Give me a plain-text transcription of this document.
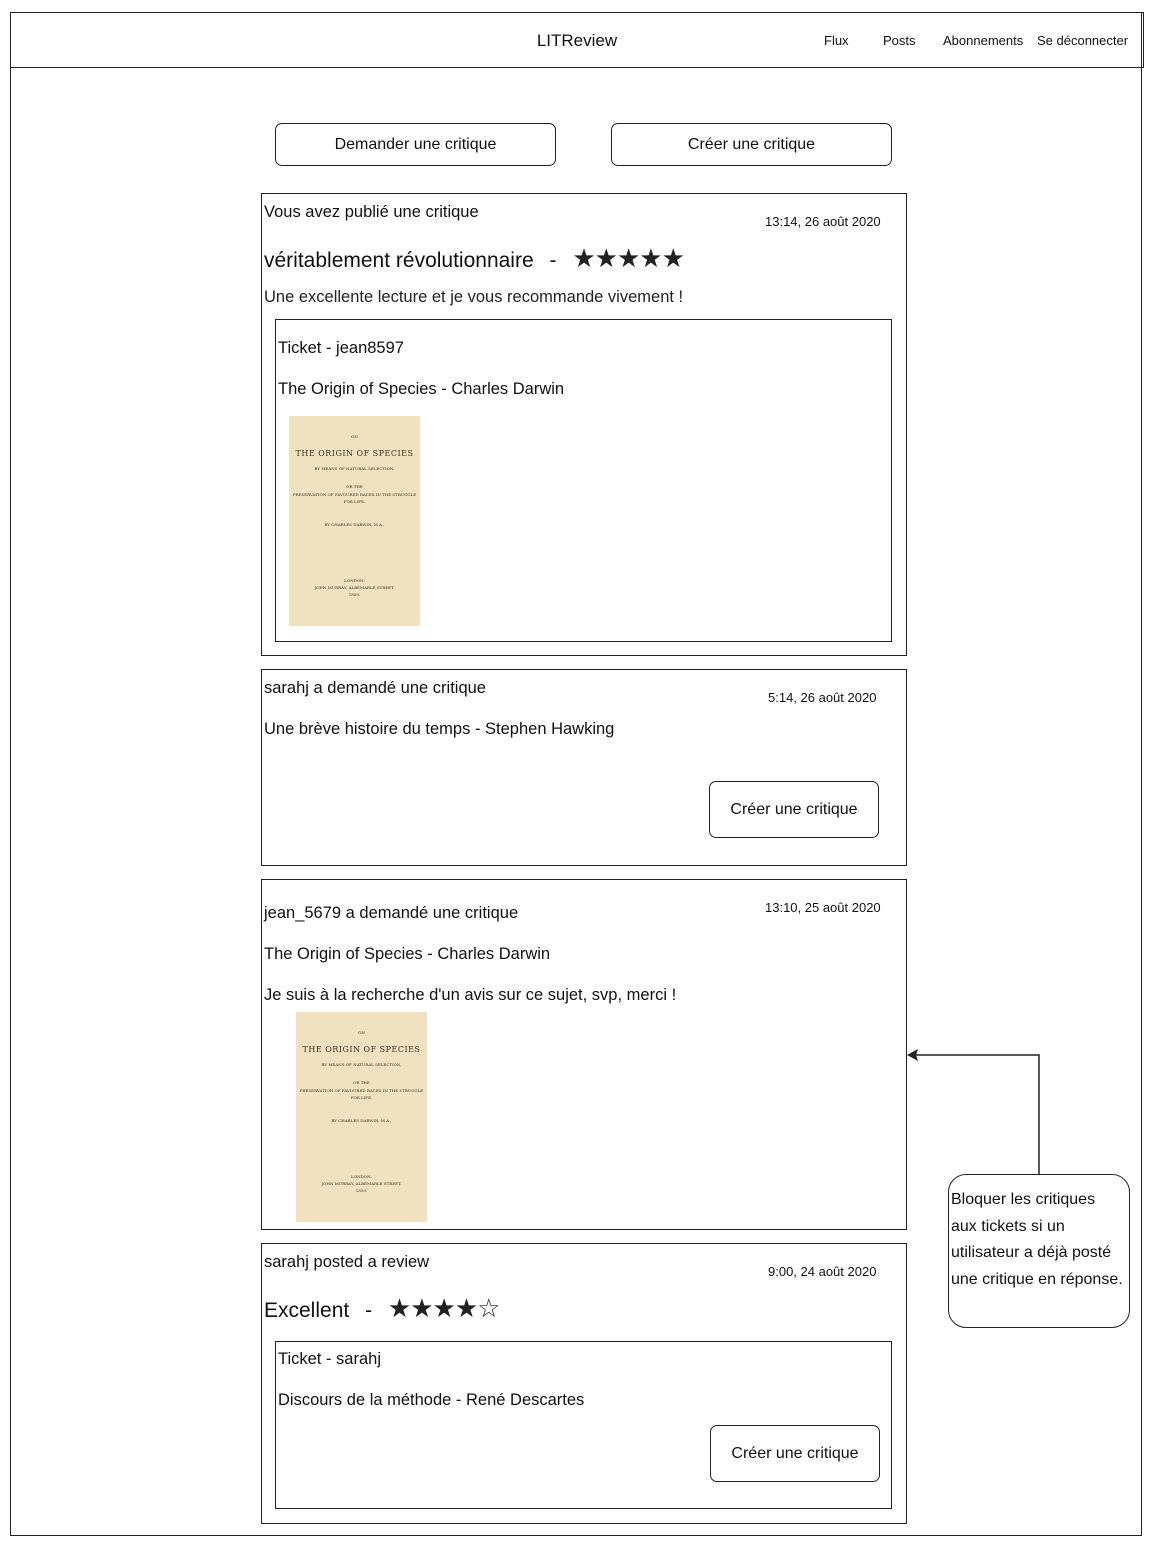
LITReview	Flux	Posts Abonnements Se déconnecter
Demander une critique	Créer une critique
Vous avez publié une critique
13:14, 26 août 2020
véritablement révolutionnaire - ★★★★★
Une excellente lecture et je vous recommande vivement !
Ticket - jean8597
The Origin of Species - Charles Darwin
ON
THE ORIGIN OF SPECIES
BY MEANS OF NATURAL SELECTION,
OR THE
PRESERVATION OF FAVOURED RACES IN THE STRUGGLE
FOR LIFE.
BY CHARLES DARWIN, M.A.,
LONDON:
JOHN MURRAY, ALBEMARLE STREET.
1859.
sarahj a demandé une critique
5:14, 26 août 2020
Une brève histoire du temps - Stephen Hawking
Créer une critique
jean_5679 a demandé une critique	13:10, 25 août 2020
The Origin of Species - Charles Darwin
Je suis à la recherche d'un avis sur ce sujet, svp, merci !
ON
THE ORIGIN OF SPECIES
BY MEANS OF NATURAL SELECTION,
OR THE
PRESERVATION OF FAVOURED RACES IN THE STRUGGLE
FOR LIFE.
BY CHARLES DARWIN, M.A.,
LONDON:
JOHN MURRAY, ALBEMARLE STREET.
1859.
sarahj posted a review
9:00, 24 août 2020
Excellent - ★★★★☆
Ticket - sarahj
Discours de la méthode - René Descartes
Créer une critique
Bloquer les critiques aux tickets si un utilisateur a déjà posté une critique en réponse.
